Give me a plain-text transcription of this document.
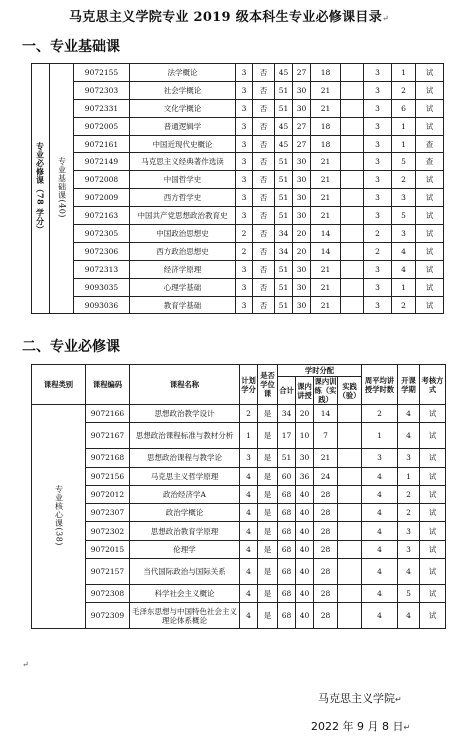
马克思主义学院专业 2019 级本科生专业必修课目录↵
一、专业基础课
专业必修课（78 学分）	专业基础课(40)	9072155	法学概论	3	否	45	27	18		3	1	试
		9072303	社会学概论	3	否	51	30	21		3	2	试
		9072331	文化学概论	3	否	51	30	21		3	6	试
		9072005	普通逻辑学	3	否	45	27	18		3	1	试
		9072161	中国近现代史概论	3	否	45	27	18		3	1	查
		9072149	马克思主义经典著作选读	3	否	51	30	21		3	5	查
		9072008	中国哲学史	3	否	51	30	21		3	2	试
		9072009	西方哲学史	3	否	51	30	21		3	3	试
		9072163	中国共产党思想政治教育史	3	否	51	30	21		3	5	试
		9072305	中国政治思想史	2	否	34	20	14		2	3	试
		9072306	西方政治思想史	2	否	34	20	14		2	4	试
		9072313	经济学原理	3	否	51	30	21		3	4	试
		9093035	心理学基础	3	否	51	30	21		3	1	试
		9093036	教育学基础	3	否	51	30	21		3	2	试
二、专业必修课
课程类别	课程编码	课程名称	计划学分	是否学位课	学时分配				周平均讲授学时数	开课学期	考核方式
					合计	课内讲授	课内训练（实践）	实践（验）			
专业核心课(38)	9072166	思想政治教学设计	2	是	34	20	14		2	4	试
	9072167	思想政治课程标准与教材分析	1	是	17	10	7		1	4	试
	9072168	思想政治课程与教学论	3	是	51	30	21		3	3	试
	9072156	马克思主义哲学原理	4	是	60	36	24		4	1	试
	9072012	政治经济学A	4	是	68	40	28		4	2	试
	9072307	政治学概论	4	是	68	40	28		4	2	试
	9072302	思想政治教育学原理	4	是	68	40	28		4	3	试
	9072015	伦理学	4	是	68	40	28		4	3	试
	9072157	当代国际政治与国际关系	4	是	68	40	28		4	4	试
	9072308	科学社会主义概论	4	是	68	40	28		4	5	试
	9072309	毛泽东思想与中国特色社会主义理论体系概论	4	是	68	40	28		4	4	试
↵
马克思主义学院↵
2022 年 9 月 8 日↵
